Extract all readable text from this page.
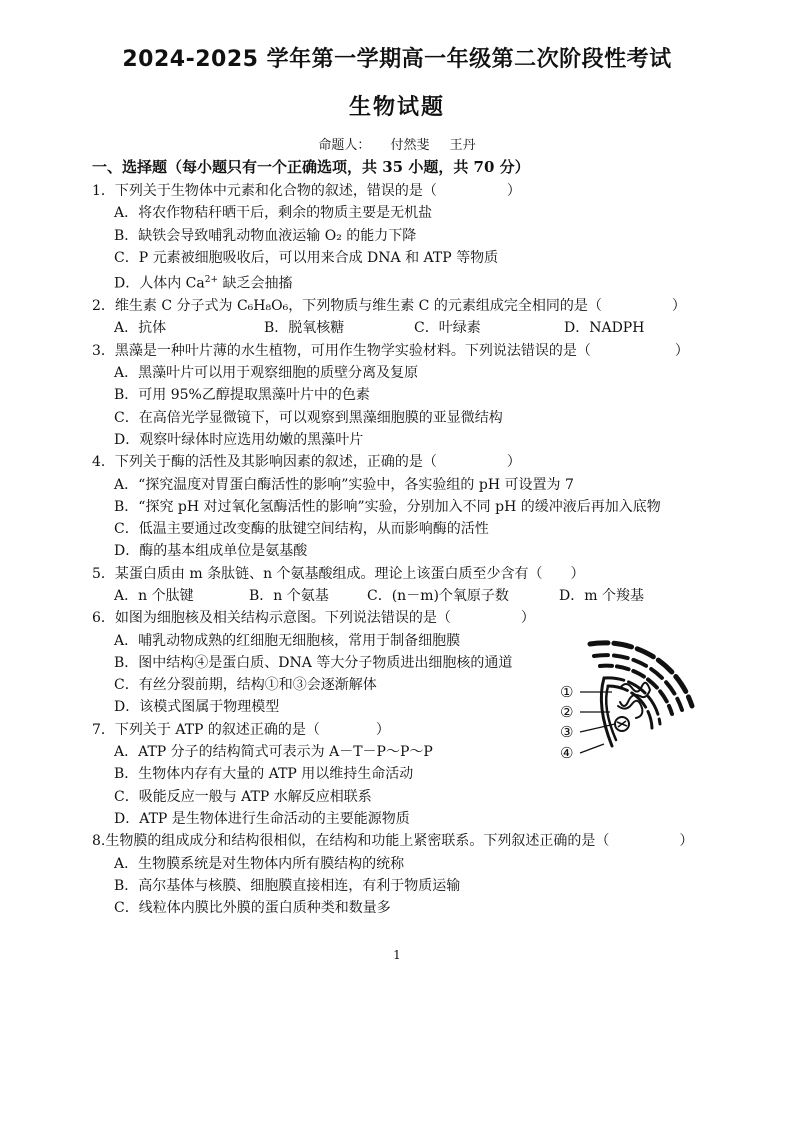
2024-2025 学年第一学期高一年级第二次阶段性考试
生物试题
命题人： 付然斐 王丹
一、选择题（每小题只有一个正确选项，共 35 小题，共 70 分）
1．下列关于生物体中元素和化合物的叙述，错误的是（　　　　　）
A．将农作物秸秆晒干后，剩余的物质主要是无机盐
B．缺铁会导致哺乳动物血液运输 O₂ 的能力下降
C．P 元素被细胞吸收后，可以用来合成 DNA 和 ATP 等物质
D．人体内 $Ca^{2+}$ 缺乏会抽搐
2．维生素 C 分子式为 C₆H₈O₆，下列物质与维生素 C 的元素组成完全相同的是（　　　　　）
A．抗体	B．脱氧核糖	C．叶绿素	D．NADPH
3．黑藻是一种叶片薄的水生植物，可用作生物学实验材料。下列说法错误的是（　　　　　　）
A．黑藻叶片可以用于观察细胞的质壁分离及复原
B．可用 95%乙醇提取黑藻叶片中的色素
C．在高倍光学显微镜下，可以观察到黑藻细胞膜的亚显微结构
D．观察叶绿体时应选用幼嫩的黑藻叶片
4．下列关于酶的活性及其影响因素的叙述，正确的是（　　　　　）
A．“探究温度对胃蛋白酶活性的影响”实验中，各实验组的 pH 可设置为 7
B．“探究 pH 对过氧化氢酶活性的影响”实验，分别加入不同 pH 的缓冲液后再加入底物
C．低温主要通过改变酶的肽键空间结构，从而影响酶的活性
D．酶的基本组成单位是氨基酸
5．某蛋白质由 m 条肽链、n 个氨基酸组成。理论上该蛋白质至少含有（　　）
A．n 个肽键	B．n 个氨基	C．(n－m)个氧原子数	D．m 个羧基
6．如图为细胞核及相关结构示意图。下列说法错误的是（　　　　　）
A．哺乳动物成熟的红细胞无细胞核，常用于制备细胞膜
B．图中结构④是蛋白质、DNA 等大分子物质进出细胞核的通道
C．有丝分裂前期，结构①和③会逐渐解体
D．该模式图属于物理模型
7．下列关于 ATP 的叙述正确的是（　　　　）
A．ATP 分子的结构简式可表示为 A－T－P～P～P
B．生物体内存有大量的 ATP 用以维持生命活动
C．吸能反应一般与 ATP 水解反应相联系
D．ATP 是生物体进行生命活动的主要能源物质
8.生物膜的组成成分和结构很相似，在结构和功能上紧密联系。下列叙述正确的是（　　　　　）
A．生物膜系统是对生物体内所有膜结构的统称
B．高尔基体与核膜、细胞膜直接相连，有利于物质运输
C．线粒体内膜比外膜的蛋白质种类和数量多
①
②
③
④
1
